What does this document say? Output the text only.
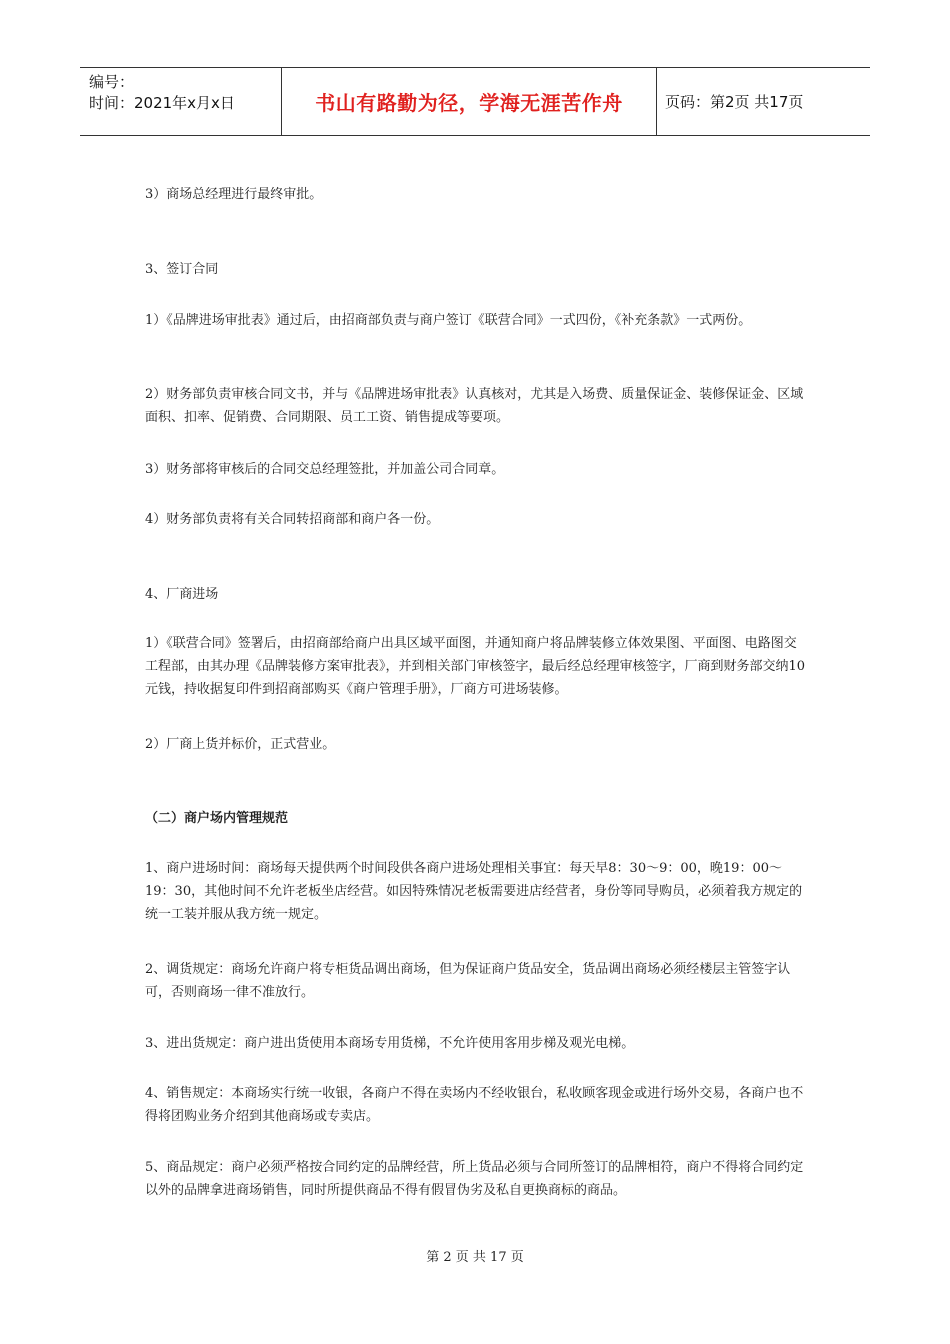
编号：
时间：2021年x月x日	书山有路勤为径，学海无涯苦作舟	页码：第2页 共17页

3）商场总经理进行最终审批。

3、签订合同

1）《品牌进场审批表》通过后，由招商部负责与商户签订《联营合同》一式四份，《补充条款》一式两份。

2）财务部负责审核合同文书，并与《品牌进场审批表》认真核对，尤其是入场费、质量保证金、装修保证金、区域面积、扣率、促销费、合同期限、员工工资、销售提成等要项。

3）财务部将审核后的合同交总经理签批，并加盖公司合同章。

4）财务部负责将有关合同转招商部和商户各一份。

4、厂商进场

1）《联营合同》签署后，由招商部给商户出具区域平面图，并通知商户将品牌装修立体效果图、平面图、电路图交工程部，由其办理《品牌装修方案审批表》，并到相关部门审核签字，最后经总经理审核签字，厂商到财务部交纳10元钱，持收据复印件到招商部购买《商户管理手册》，厂商方可进场装修。

2）厂商上货并标价，正式营业。

（二）商户场内管理规范

1、商户进场时间：商场每天提供两个时间段供各商户进场处理相关事宜：每天早8：30～9：00，晚19：00～19：30，其他时间不允许老板坐店经营。如因特殊情况老板需要进店经营者，身份等同导购员，必须着我方规定的统一工装并服从我方统一规定。

2、调货规定：商场允许商户将专柜货品调出商场，但为保证商户货品安全，货品调出商场必须经楼层主管签字认可，否则商场一律不准放行。

3、进出货规定：商户进出货使用本商场专用货梯，不允许使用客用步梯及观光电梯。

4、销售规定：本商场实行统一收银，各商户不得在卖场内不经收银台，私收顾客现金或进行场外交易，各商户也不得将团购业务介绍到其他商场或专卖店。

5、商品规定：商户必须严格按合同约定的品牌经营，所上货品必须与合同所签订的品牌相符，商户不得将合同约定以外的品牌拿进商场销售，同时所提供商品不得有假冒伪劣及私自更换商标的商品。

第 2 页 共 17 页
